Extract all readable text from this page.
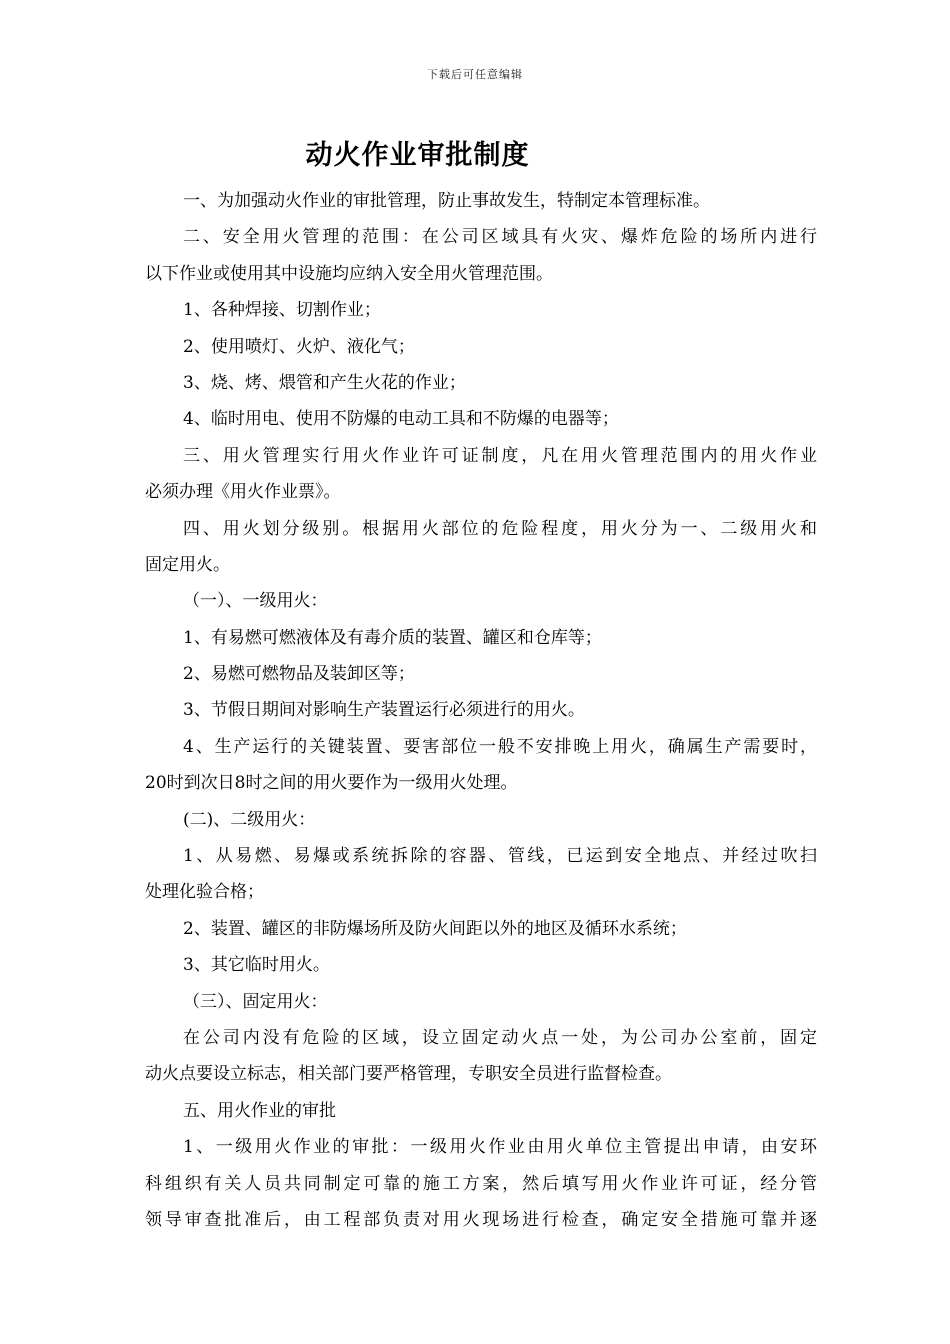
下载后可任意编辑
动火作业审批制度
一、为加强动火作业的审批管理，防止事故发生，特制定本管理标准。
二、安全用火管理的范围：在公司区域具有火灾、爆炸危险的场所内进行
以下作业或使用其中设施均应纳入安全用火管理范围。
1、各种焊接、切割作业；
2、使用喷灯、火炉、液化气；
3、烧、烤、煨管和产生火花的作业；
4、临时用电、使用不防爆的电动工具和不防爆的电器等；
三、用火管理实行用火作业许可证制度，凡在用火管理范围内的用火作业
必须办理《用火作业票》。
四、用火划分级别。根据用火部位的危险程度，用火分为一、二级用火和
固定用火。
（一）、一级用火：
1、有易燃可燃液体及有毒介质的装置、罐区和仓库等；
2、易燃可燃物品及装卸区等；
3、节假日期间对影响生产装置运行必须进行的用火。
4、生产运行的关键装置、要害部位一般不安排晚上用火，确属生产需要时，
20时到次日8时之间的用火要作为一级用火处理。
(二)、二级用火：
1、从易燃、易爆或系统拆除的容器、管线，已运到安全地点、并经过吹扫
处理化验合格；
2、装置、罐区的非防爆场所及防火间距以外的地区及循环水系统；
3、其它临时用火。
（三）、固定用火：
在公司内没有危险的区域，设立固定动火点一处，为公司办公室前，固定
动火点要设立标志，相关部门要严格管理，专职安全员进行监督检查。
五、用火作业的审批
1、一级用火作业的审批：一级用火作业由用火单位主管提出申请，由安环
科组织有关人员共同制定可靠的施工方案，然后填写用火作业许可证，经分管
领导审查批准后，由工程部负责对用火现场进行检查，确定安全措施可靠并逐
